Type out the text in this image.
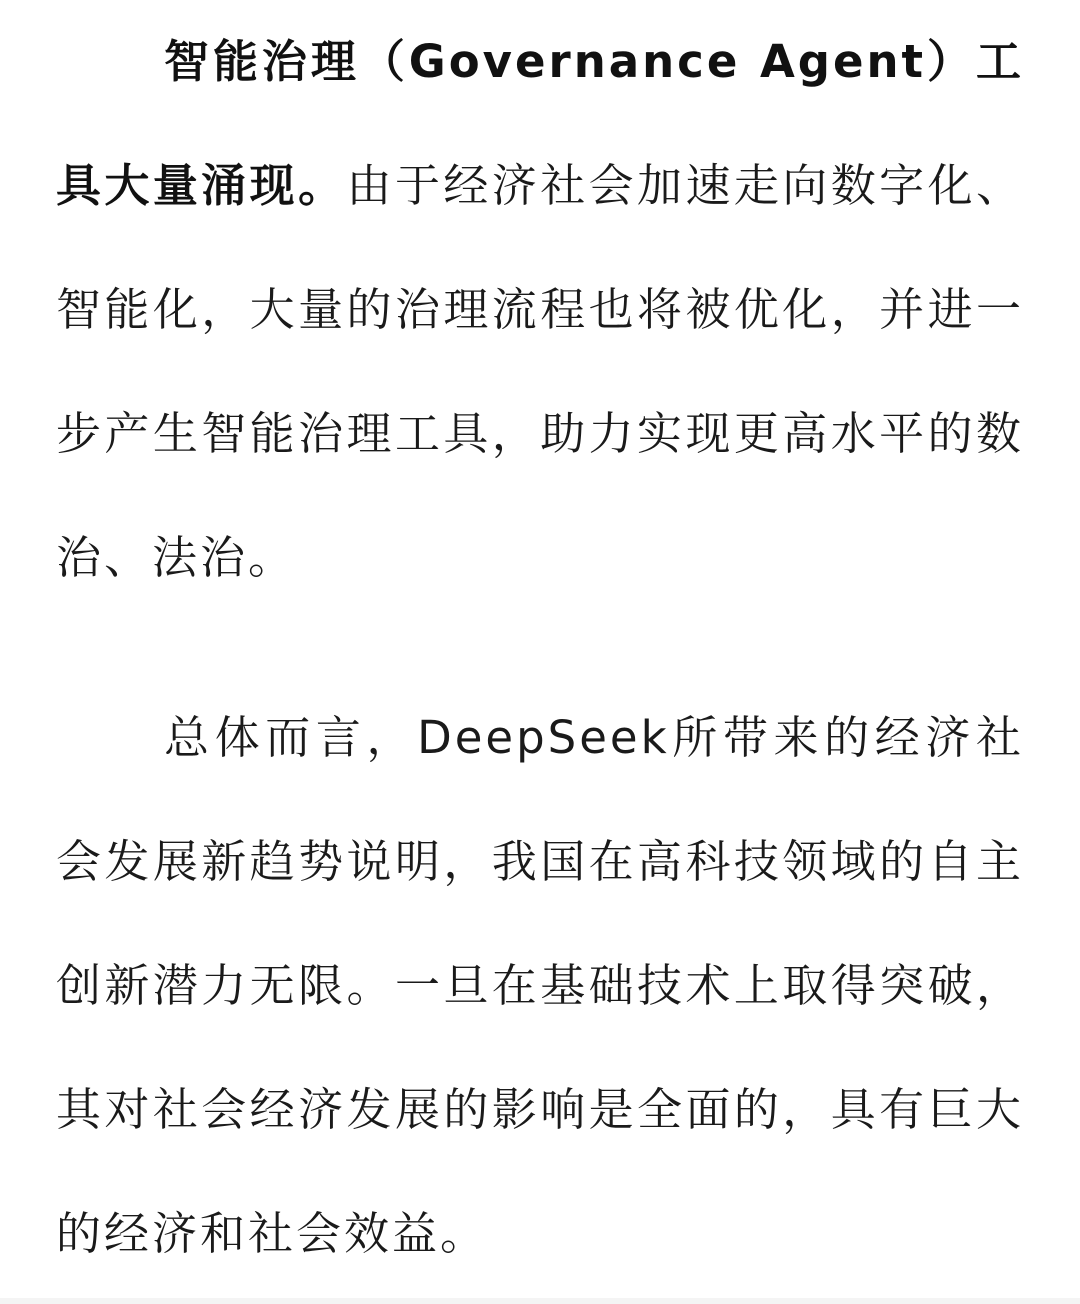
智能治理（Governance Agent）工具大量涌现。由于经济社会加速走向数字化、智能化，大量的治理流程也将被优化，并进一步产生智能治理工具，助力实现更高水平的数治、法治。

总体而言，DeepSeek所带来的经济社会发展新趋势说明，我国在高科技领域的自主创新潜力无限。一旦在基础技术上取得突破，其对社会经济发展的影响是全面的，具有巨大的经济和社会效益。
